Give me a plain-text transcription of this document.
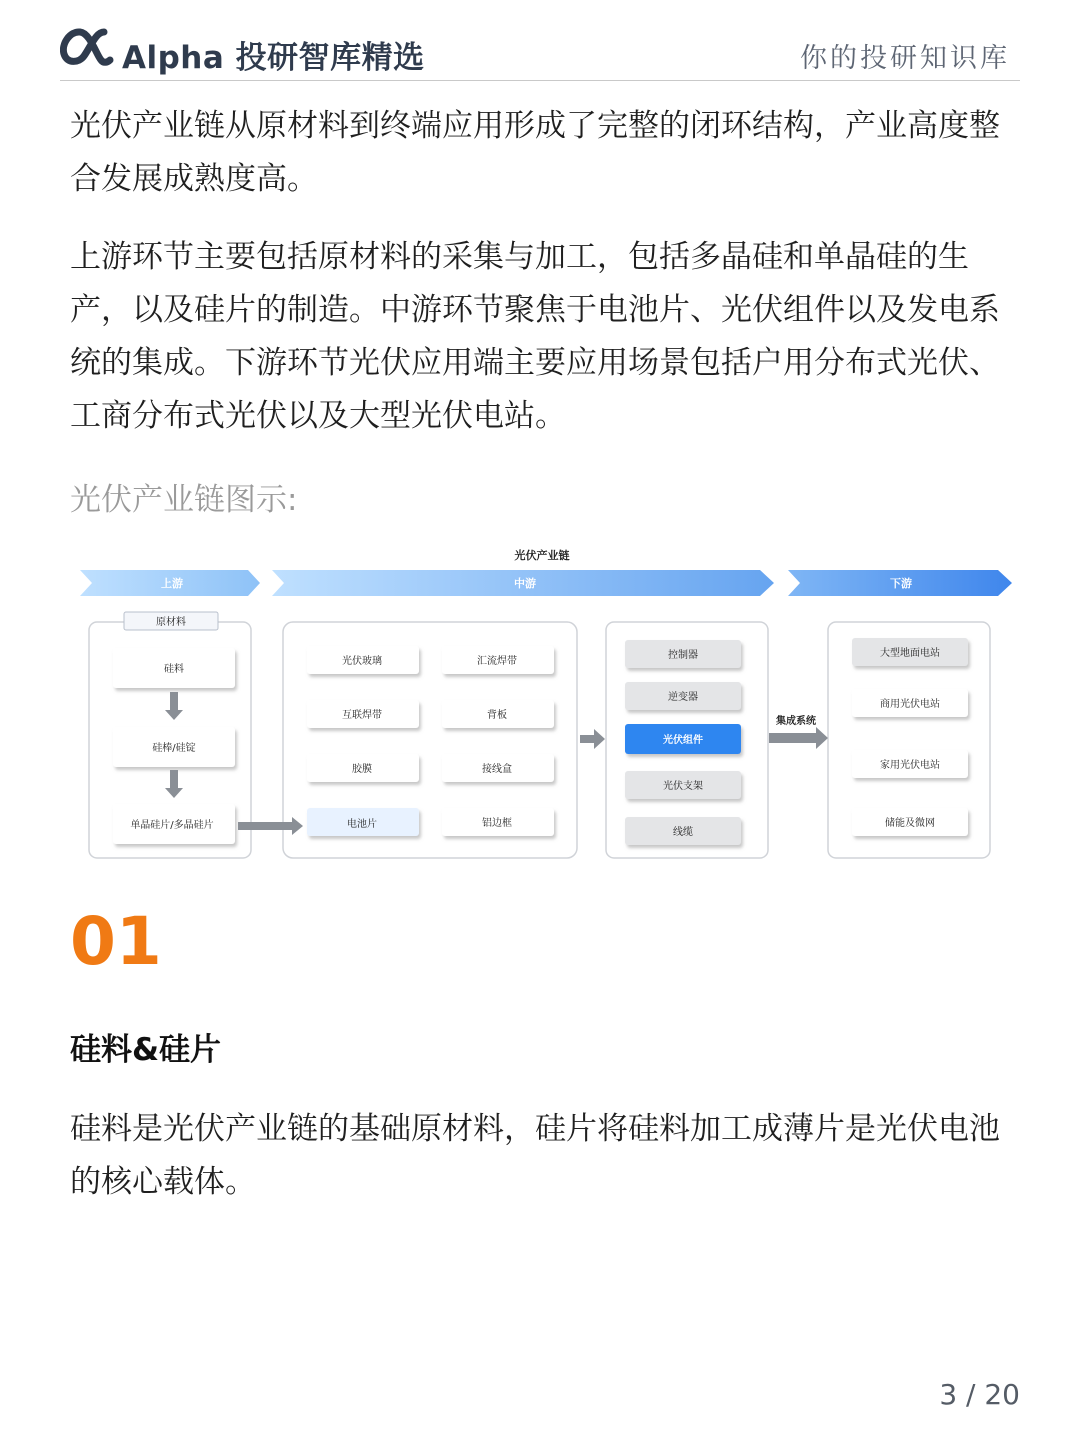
Alpha 投研智库精选	你的投研知识库

光伏产业链从原材料到终端应用形成了完整的闭环结构，产业高度整合发展成熟度高。

上游环节主要包括原材料的采集与加工，包括多晶硅和单晶硅的生产，以及硅片的制造。中游环节聚焦于电池片、光伏组件以及发电系统的集成。下游环节光伏应用端主要应用场景包括户用分布式光伏、工商分布式光伏以及大型光伏电站。

光伏产业链图示:

光伏产业链
上游	中游	下游
原材料
硅料
硅棒/硅锭
单晶硅片/多晶硅片
光伏玻璃
互联焊带
胶膜
电池片
汇流焊带
背板
接线盒
铝边框
控制器
逆变器
光伏组件
光伏支架
线缆
集成系统
大型地面电站
商用光伏电站
家用光伏电站
储能及微网
01
硅料&硅片

硅料是光伏产业链的基础原材料，硅片将硅料加工成薄片是光伏电池的核心载体。

3 / 20
